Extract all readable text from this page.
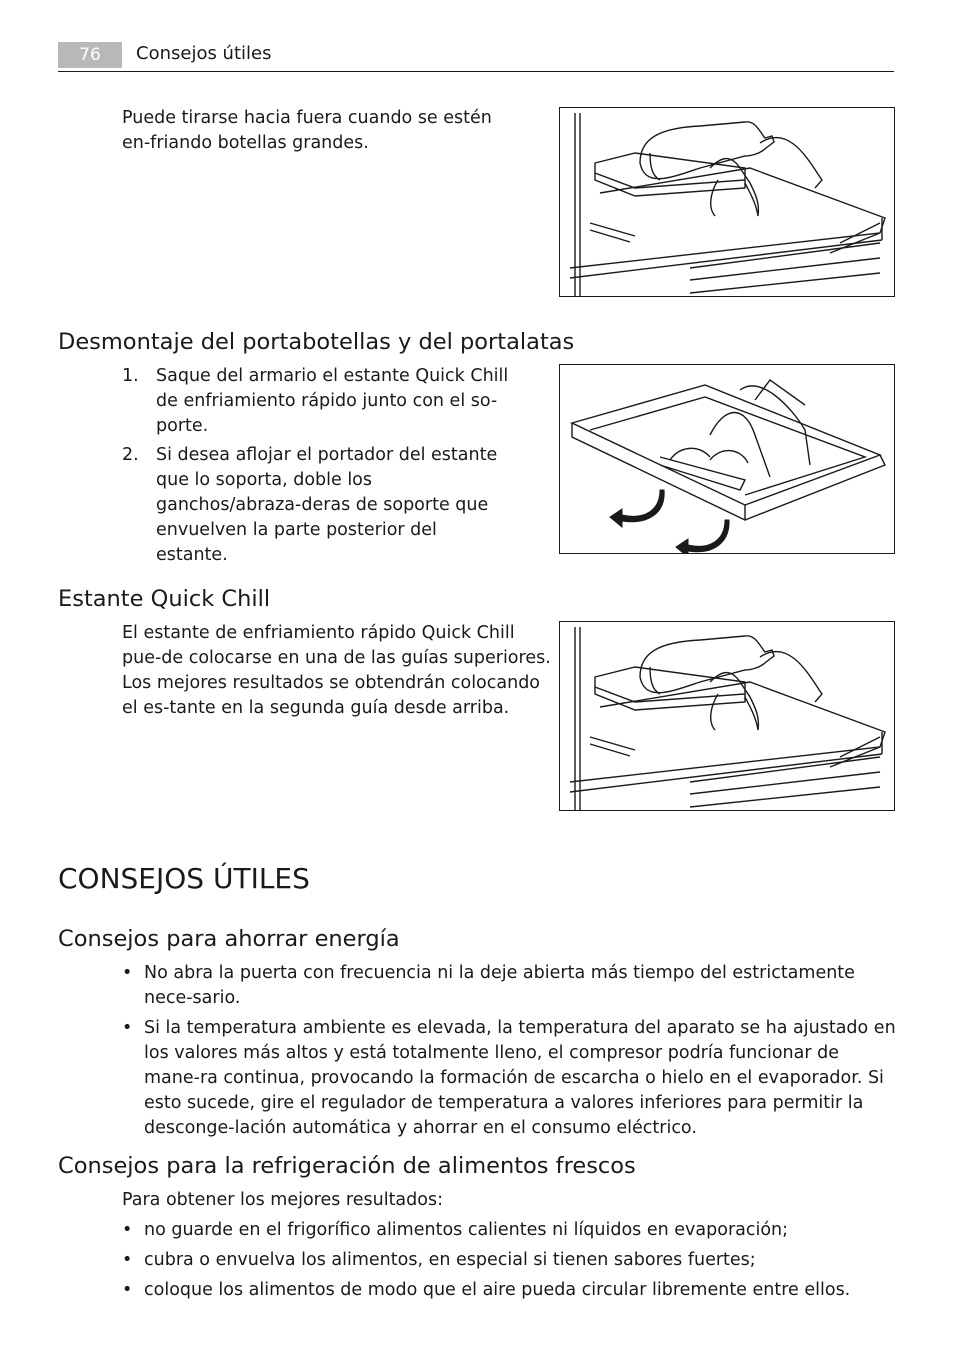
76	Consejos útiles
Puede tirarse hacia fuera cuando se estén en-friando botellas grandes.
Desmontaje del portabotellas y del portalatas
1. Saque del armario el estante Quick Chill de enfriamiento rápido junto con el so-porte.
2. Si desea aflojar el portador del estante que lo soporta, doble los ganchos/abraza-deras de soporte que envuelven la parte posterior del estante.
Estante Quick Chill
El estante de enfriamiento rápido Quick Chill pue-de colocarse en una de las guías superiores. Los mejores resultados se obtendrán colocando el es-tante en la segunda guía desde arriba.
CONSEJOS ÚTILES
Consejos para ahorrar energía
• No abra la puerta con frecuencia ni la deje abierta más tiempo del estrictamente nece-sario.
• Si la temperatura ambiente es elevada, la temperatura del aparato se ha ajustado en los valores más altos y está totalmente lleno, el compresor podría funcionar de mane-ra continua, provocando la formación de escarcha o hielo en el evaporador. Si esto sucede, gire el regulador de temperatura a valores inferiores para permitir la desconge-lación automática y ahorrar en el consumo eléctrico.
Consejos para la refrigeración de alimentos frescos
Para obtener los mejores resultados:
• no guarde en el frigorífico alimentos calientes ni líquidos en evaporación;
• cubra o envuelva los alimentos, en especial si tienen sabores fuertes;
• coloque los alimentos de modo que el aire pueda circular libremente entre ellos.
